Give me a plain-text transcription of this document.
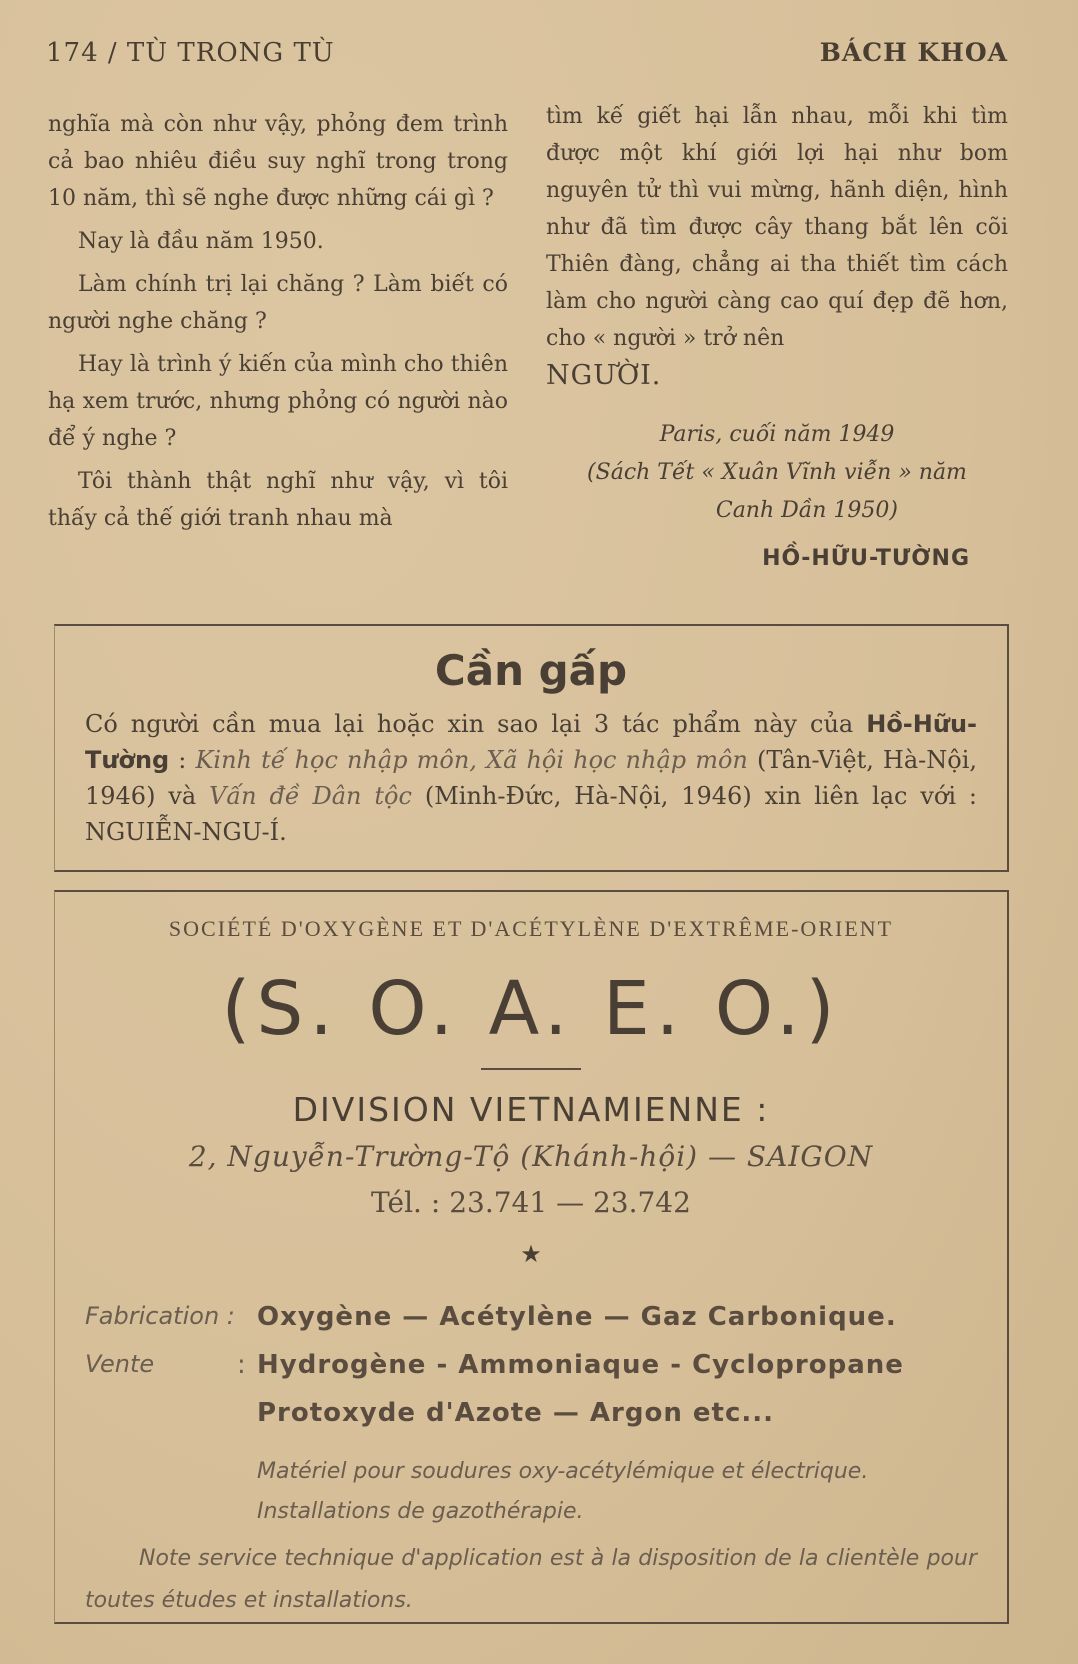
174 / TÙ TRONG TÙ	BÁCH KHOA

nghĩa mà còn như vậy, phỏng đem trình cả bao nhiêu điều suy nghĩ trong trong 10 năm, thì sẽ nghe được những cái gì ?

Nay là đầu năm 1950.

Làm chính trị lại chăng ? Làm biết có người nghe chăng ?

Hay là trình ý kiến của mình cho thiên hạ xem trước, nhưng phỏng có người nào để ý nghe ?

Tôi thành thật nghĩ như vậy, vì tôi thấy cả thế giới tranh nhau mà

tìm kế giết hại lẫn nhau, mỗi khi tìm được một khí giới lợi hại như bom nguyên tử thì vui mừng, hãnh diện, hình như đã tìm được cây thang bắt lên cõi Thiên đàng, chẳng ai tha thiết tìm cách làm cho người càng cao quí đẹp đẽ hơn, cho « người » trở nên

NGƯỜI.

Paris, cuối năm 1949

(Sách Tết « Xuân Vĩnh viễn » năm

Canh Dần 1950)

HỒ-HỮU-TƯỜNG

Cần gấp
Có người cần mua lại hoặc xin sao lại 3 tác phẩm này của Hồ-Hữu-Tường : Kinh tế học nhập môn, Xã hội học nhập môn (Tân-Việt, Hà-Nội, 1946) và Vấn đề Dân tộc (Minh-Đức, Hà-Nội, 1946) xin liên lạc với : NGUIỄN-NGU-Í.
SOCIÉTÉ D'OXYGÈNE ET D'ACÉTYLÈNE D'EXTRÊME-ORIENT
(S. O. A. E. O.)
DIVISION VIETNAMIENNE :
2, Nguyễn-Trường-Tộ (Khánh-hội) — SAIGON
Tél. : 23.741 — 23.742
★
Fabrication : Oxygène — Acétylène — Gaz Carbonique.
Vente	: Hydrogène - Ammoniaque - Cyclopropane
Protoxyde d'Azote — Argon etc...
Matériel pour soudures oxy-acétylémique et électrique.
Installations de gazothérapie.
Note service technique d'application est à la disposition de la clientèle pour toutes études et installations.
